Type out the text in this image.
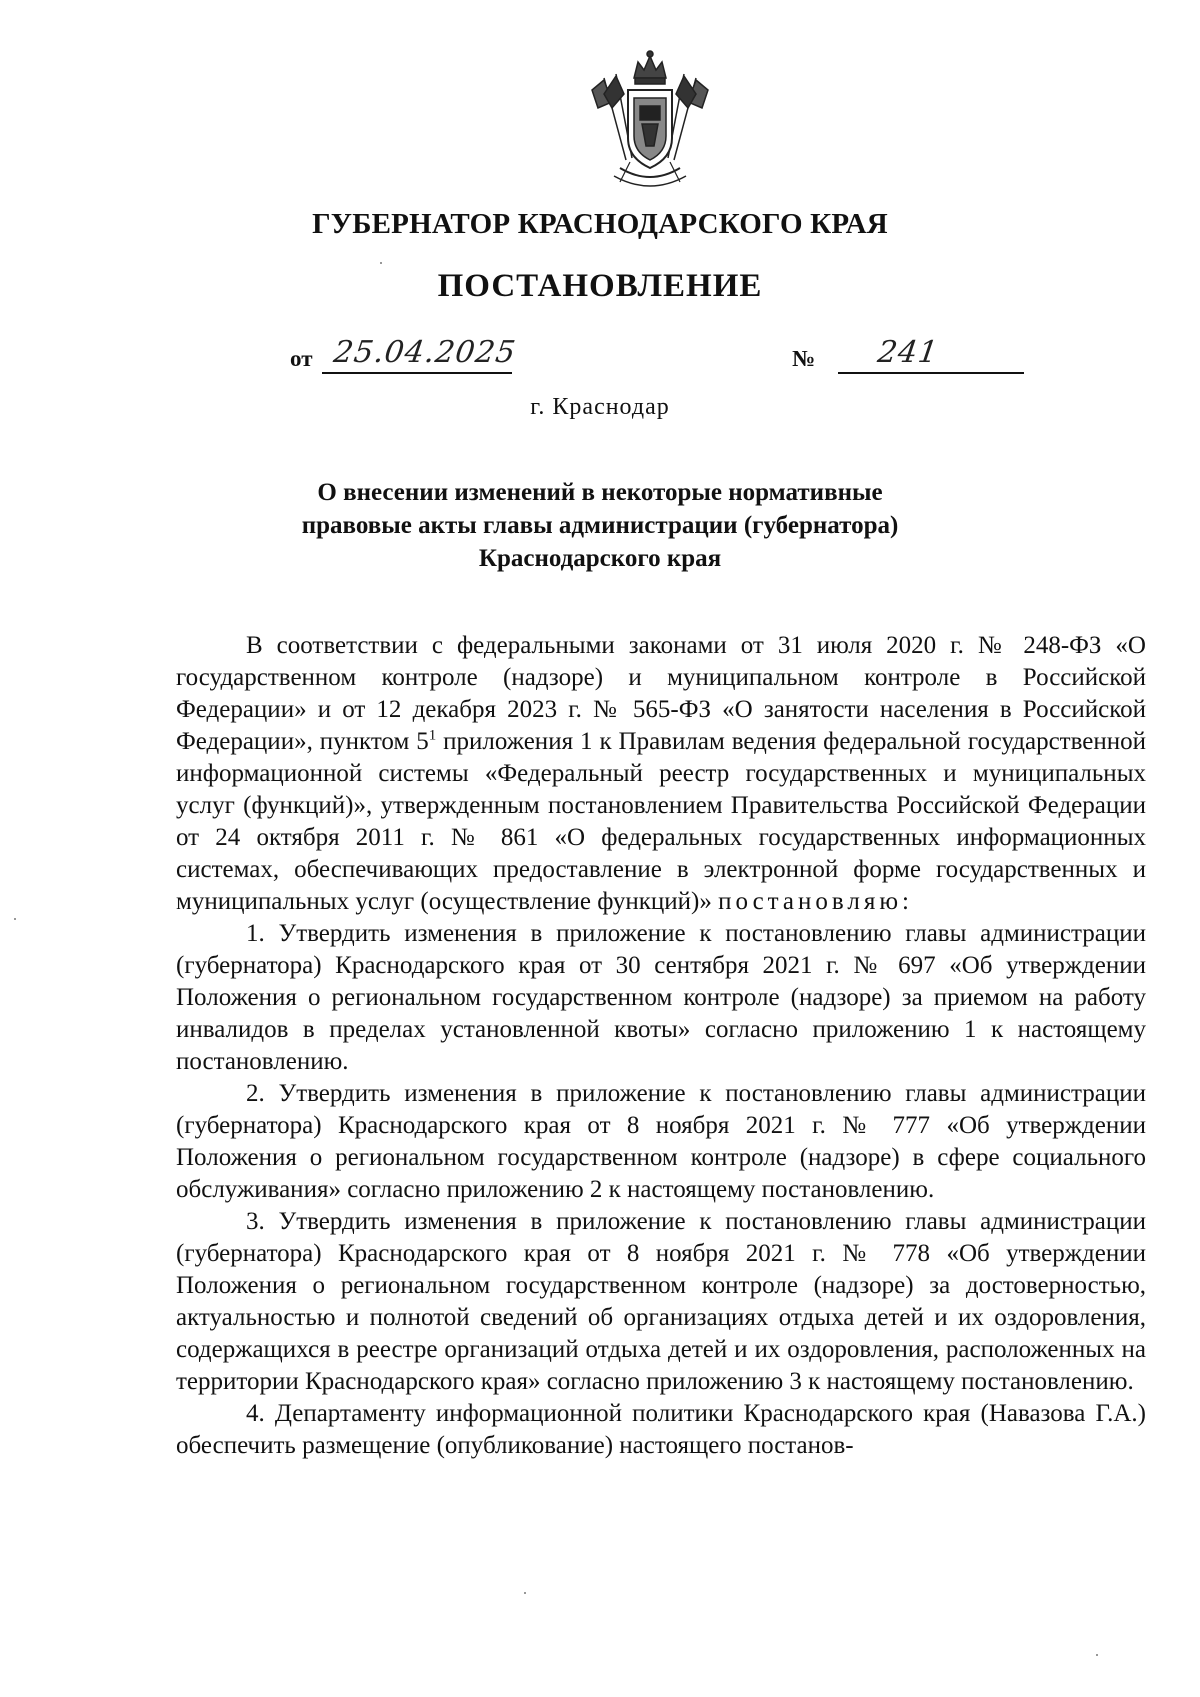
ГУБЕРНАТОР КРАСНОДАРСКОГО КРАЯ
ПОСТАНОВЛЕНИЕ
от 25.04.2025	№ 241
г. Краснодар
О внесении изменений в некоторые нормативные
правовые акты главы администрации (губернатора)
Краснодарского края

В соответствии с федеральными законами от 31 июля 2020 г. № 248-ФЗ «О государственном контроле (надзоре) и муниципальном контроле в Российской Федерации» и от 12 декабря 2023 г. № 565-ФЗ «О занятости населения в Российской Федерации», пунктом $5^1$ приложения 1 к Правилам ведения федеральной государственной информационной системы «Федеральный реестр государственных и муниципальных услуг (функций)», утвержденным постановлением Правительства Российской Федерации от 24 октября 2011 г. № 861 «О федеральных государственных информационных системах, обеспечивающих предоставление в электронной форме государственных и муниципальных услуг (осуществление функций)» постановляю:

1. Утвердить изменения в приложение к постановлению главы администрации (губернатора) Краснодарского края от 30 сентября 2021 г. № 697 «Об утверждении Положения о региональном государственном контроле (надзоре) за приемом на работу инвалидов в пределах установленной квоты» согласно приложению 1 к настоящему постановлению.

2. Утвердить изменения в приложение к постановлению главы администрации (губернатора) Краснодарского края от 8 ноября 2021 г. № 777 «Об утверждении Положения о региональном государственном контроле (надзоре) в сфере социального обслуживания» согласно приложению 2 к настоящему постановлению.

3. Утвердить изменения в приложение к постановлению главы администрации (губернатора) Краснодарского края от 8 ноября 2021 г. № 778 «Об утверждении Положения о региональном государственном контроле (надзоре) за достоверностью, актуальностью и полнотой сведений об организациях отдыха детей и их оздоровления, содержащихся в реестре организаций отдыха детей и их оздоровления, расположенных на территории Краснодарского края» согласно приложению 3 к настоящему постановлению.

4. Департаменту информационной политики Краснодарского края (Навазова Г.А.) обеспечить размещение (опубликование) настоящего постанов-
